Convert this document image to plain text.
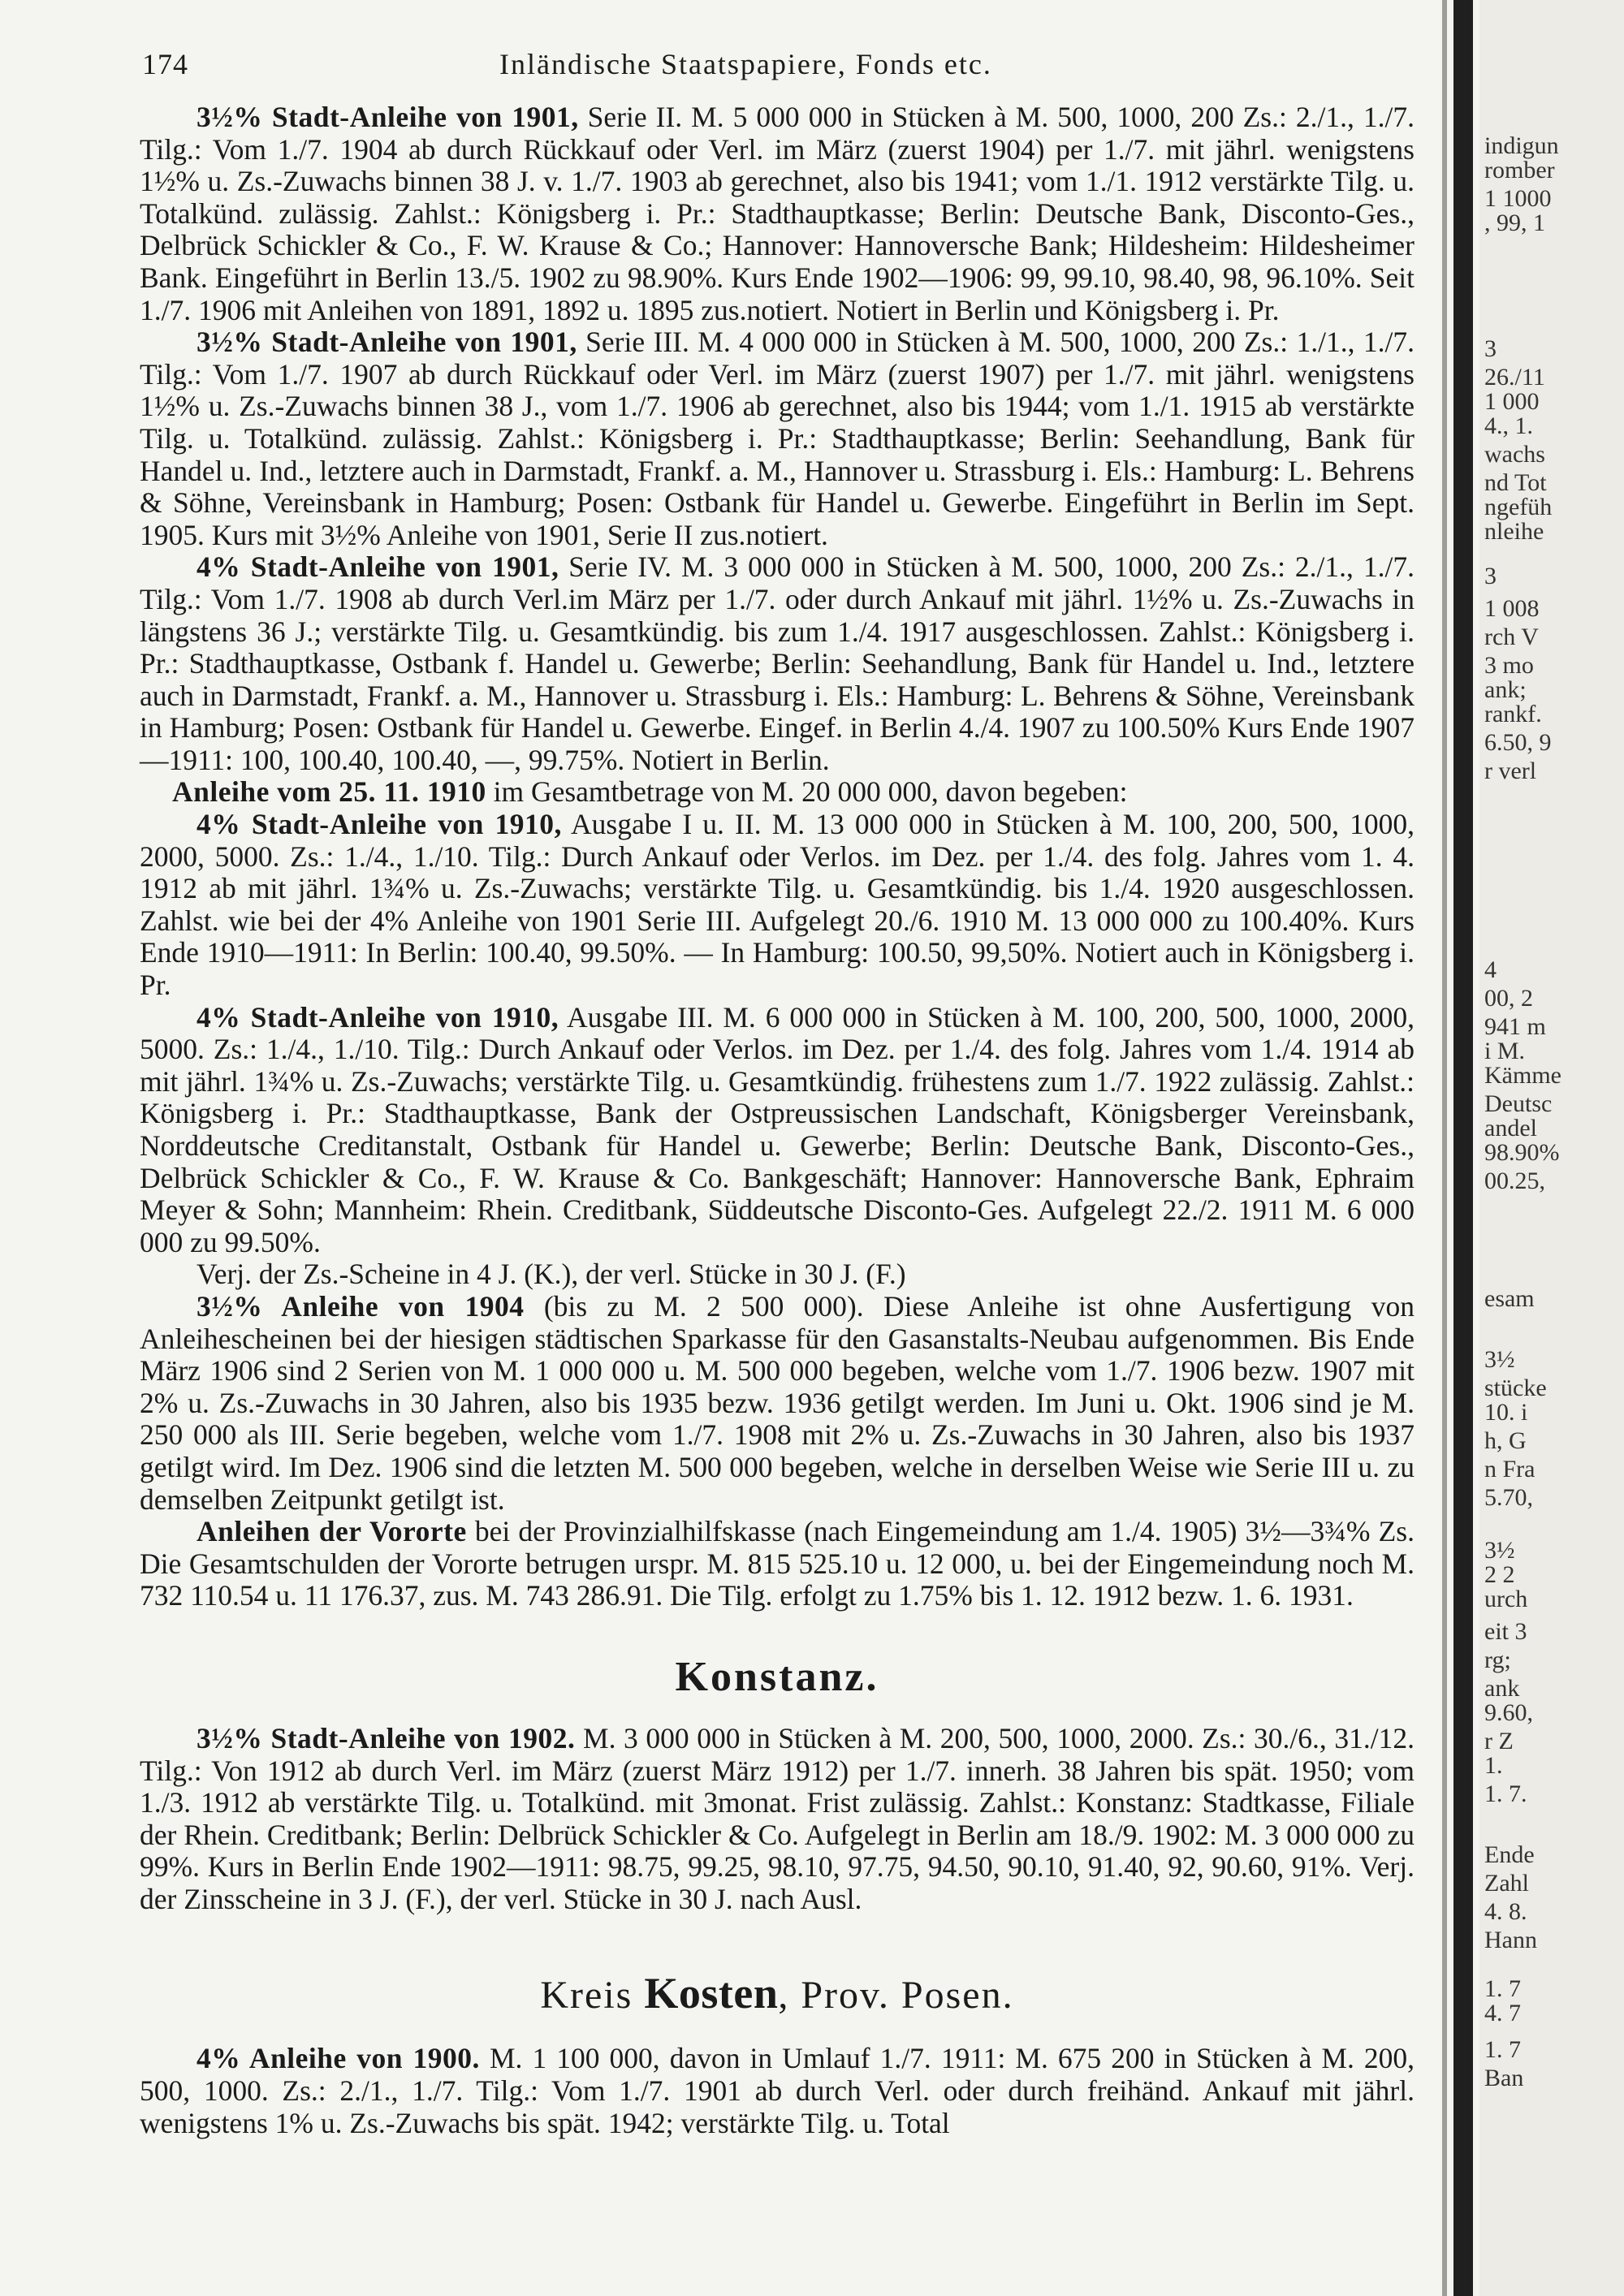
174	Inländische Staatspapiere, Fonds etc.

3½% Stadt-Anleihe von 1901, Serie II. M. 5 000 000 in Stücken à M. 500, 1000, 200 Zs.: 2./1., 1./7. Tilg.: Vom 1./7. 1904 ab durch Rückkauf oder Verl. im März (zuerst 1904) per 1./7. mit jährl. wenigstens 1½% u. Zs.-Zuwachs binnen 38 J. v. 1./7. 1903 ab gerechnet, also bis 1941; vom 1./1. 1912 verstärkte Tilg. u. Totalkünd. zulässig. Zahlst.: Königsberg i. Pr.: Stadthauptkasse; Berlin: Deutsche Bank, Disconto-Ges., Delbrück Schickler & Co., F. W. Krause & Co.; Hannover: Hannoversche Bank; Hildesheim: Hildesheimer Bank. Eingeführt in Berlin 13./5. 1902 zu 98.90%. Kurs Ende 1902—1906: 99, 99.10, 98.40, 98, 96.10%. Seit 1./7. 1906 mit Anleihen von 1891, 1892 u. 1895 zus.notiert. Notiert in Berlin und Königsberg i. Pr.

3½% Stadt-Anleihe von 1901, Serie III. M. 4 000 000 in Stücken à M. 500, 1000, 200 Zs.: 1./1., 1./7. Tilg.: Vom 1./7. 1907 ab durch Rückkauf oder Verl. im März (zuerst 1907) per 1./7. mit jährl. wenigstens 1½% u. Zs.-Zuwachs binnen 38 J., vom 1./7. 1906 ab gerechnet, also bis 1944; vom 1./1. 1915 ab verstärkte Tilg. u. Totalkünd. zulässig. Zahlst.: Königsberg i. Pr.: Stadthauptkasse; Berlin: Seehandlung, Bank für Handel u. Ind., letztere auch in Darmstadt, Frankf. a. M., Hannover u. Strassburg i. Els.: Hamburg: L. Behrens & Söhne, Vereinsbank in Hamburg; Posen: Ostbank für Handel u. Gewerbe. Eingeführt in Berlin im Sept. 1905. Kurs mit 3½% Anleihe von 1901, Serie II zus.notiert.

4% Stadt-Anleihe von 1901, Serie IV. M. 3 000 000 in Stücken à M. 500, 1000, 200 Zs.: 2./1., 1./7. Tilg.: Vom 1./7. 1908 ab durch Verl.im März per 1./7. oder durch Ankauf mit jährl. 1½% u. Zs.-Zuwachs in längstens 36 J.; verstärkte Tilg. u. Gesamtkündig. bis zum 1./4. 1917 ausgeschlossen. Zahlst.: Königsberg i. Pr.: Stadthauptkasse, Ostbank f. Handel u. Gewerbe; Berlin: Seehandlung, Bank für Handel u. Ind., letztere auch in Darmstadt, Frankf. a. M., Hannover u. Strassburg i. Els.: Hamburg: L. Behrens & Söhne, Vereinsbank in Hamburg; Posen: Ostbank für Handel u. Gewerbe. Eingef. in Berlin 4./4. 1907 zu 100.50% Kurs Ende 1907—1911: 100, 100.40, 100.40, —, 99.75%. Notiert in Berlin.

Anleihe vom 25. 11. 1910 im Gesamtbetrage von M. 20 000 000, davon begeben:

4% Stadt-Anleihe von 1910, Ausgabe I u. II. M. 13 000 000 in Stücken à M. 100, 200, 500, 1000, 2000, 5000. Zs.: 1./4., 1./10. Tilg.: Durch Ankauf oder Verlos. im Dez. per 1./4. des folg. Jahres vom 1. 4. 1912 ab mit jährl. 1¾% u. Zs.-Zuwachs; verstärkte Tilg. u. Gesamtkündig. bis 1./4. 1920 ausgeschlossen. Zahlst. wie bei der 4% Anleihe von 1901 Serie III. Aufgelegt 20./6. 1910 M. 13 000 000 zu 100.40%. Kurs Ende 1910—1911: In Berlin: 100.40, 99.50%. — In Hamburg: 100.50, 99,50%. Notiert auch in Königsberg i. Pr.

4% Stadt-Anleihe von 1910, Ausgabe III. M. 6 000 000 in Stücken à M. 100, 200, 500, 1000, 2000, 5000. Zs.: 1./4., 1./10. Tilg.: Durch Ankauf oder Verlos. im Dez. per 1./4. des folg. Jahres vom 1./4. 1914 ab mit jährl. 1¾% u. Zs.-Zuwachs; verstärkte Tilg. u. Gesamtkündig. frühestens zum 1./7. 1922 zulässig. Zahlst.: Königsberg i. Pr.: Stadthauptkasse, Bank der Ostpreussischen Landschaft, Königsberger Vereinsbank, Norddeutsche Creditanstalt, Ostbank für Handel u. Gewerbe; Berlin: Deutsche Bank, Disconto-Ges., Delbrück Schickler & Co., F. W. Krause & Co. Bankgeschäft; Hannover: Hannoversche Bank, Ephraim Meyer & Sohn; Mannheim: Rhein. Creditbank, Süddeutsche Disconto-Ges. Aufgelegt 22./2. 1911 M. 6 000 000 zu 99.50%.

Verj. der Zs.-Scheine in 4 J. (K.), der verl. Stücke in 30 J. (F.)

3½% Anleihe von 1904 (bis zu M. 2 500 000). Diese Anleihe ist ohne Ausfertigung von Anleihescheinen bei der hiesigen städtischen Sparkasse für den Gasanstalts-Neubau aufgenommen. Bis Ende März 1906 sind 2 Serien von M. 1 000 000 u. M. 500 000 begeben, welche vom 1./7. 1906 bezw. 1907 mit 2% u. Zs.-Zuwachs in 30 Jahren, also bis 1935 bezw. 1936 getilgt werden. Im Juni u. Okt. 1906 sind je M. 250 000 als III. Serie begeben, welche vom 1./7. 1908 mit 2% u. Zs.-Zuwachs in 30 Jahren, also bis 1937 getilgt wird. Im Dez. 1906 sind die letzten M. 500 000 begeben, welche in derselben Weise wie Serie III u. zu demselben Zeitpunkt getilgt ist.

Anleihen der Vororte bei der Provinzialhilfskasse (nach Eingemeindung am 1./4. 1905) 3½—3¾% Zs. Die Gesamtschulden der Vororte betrugen urspr. M. 815 525.10 u. 12 000, u. bei der Eingemeindung noch M. 732 110.54 u. 11 176.37, zus. M. 743 286.91. Die Tilg. erfolgt zu 1.75% bis 1. 12. 1912 bezw. 1. 6. 1931.

Konstanz.

3½% Stadt-Anleihe von 1902. M. 3 000 000 in Stücken à M. 200, 500, 1000, 2000. Zs.: 30./6., 31./12. Tilg.: Von 1912 ab durch Verl. im März (zuerst März 1912) per 1./7. innerh. 38 Jahren bis spät. 1950; vom 1./3. 1912 ab verstärkte Tilg. u. Totalkünd. mit 3monat. Frist zulässig. Zahlst.: Konstanz: Stadtkasse, Filiale der Rhein. Creditbank; Berlin: Delbrück Schickler & Co. Aufgelegt in Berlin am 18./9. 1902: M. 3 000 000 zu 99%. Kurs in Berlin Ende 1902—1911: 98.75, 99.25, 98.10, 97.75, 94.50, 90.10, 91.40, 92, 90.60, 91%. Verj. der Zinsscheine in 3 J. (F.), der verl. Stücke in 30 J. nach Ausl.

Kreis Kosten, Prov. Posen.

4% Anleihe von 1900. M. 1 100 000, davon in Umlauf 1./7. 1911: M. 675 200 in Stücken à M. 200, 500, 1000. Zs.: 2./1., 1./7. Tilg.: Vom 1./7. 1901 ab durch Verl. oder durch freihänd. Ankauf mit jährl. wenigstens 1% u. Zs.-Zuwachs bis spät. 1942; verstärkte Tilg. u. Total

indigun
romber
1 1000
, 99, 1
3
26./11
1 000
4., 1.
wachs
nd Tot
ngefüh
nleihe
3
1 008
rch V
3 mo
ank;
rankf.
6.50, 9
r verl
4
00, 2
941 m
i M.
Kämme
Deutsc
andel
98.90%
00.25,
esam
3½
stücke
10. i
h, G
n Fra
5.70,
3½
2 2
urch
eit 3
rg;
ank
9.60,
r Z
1.
1. 7.
Ende
Zahl
4. 8.
Hann
1. 7
4. 7
1. 7
Ban
